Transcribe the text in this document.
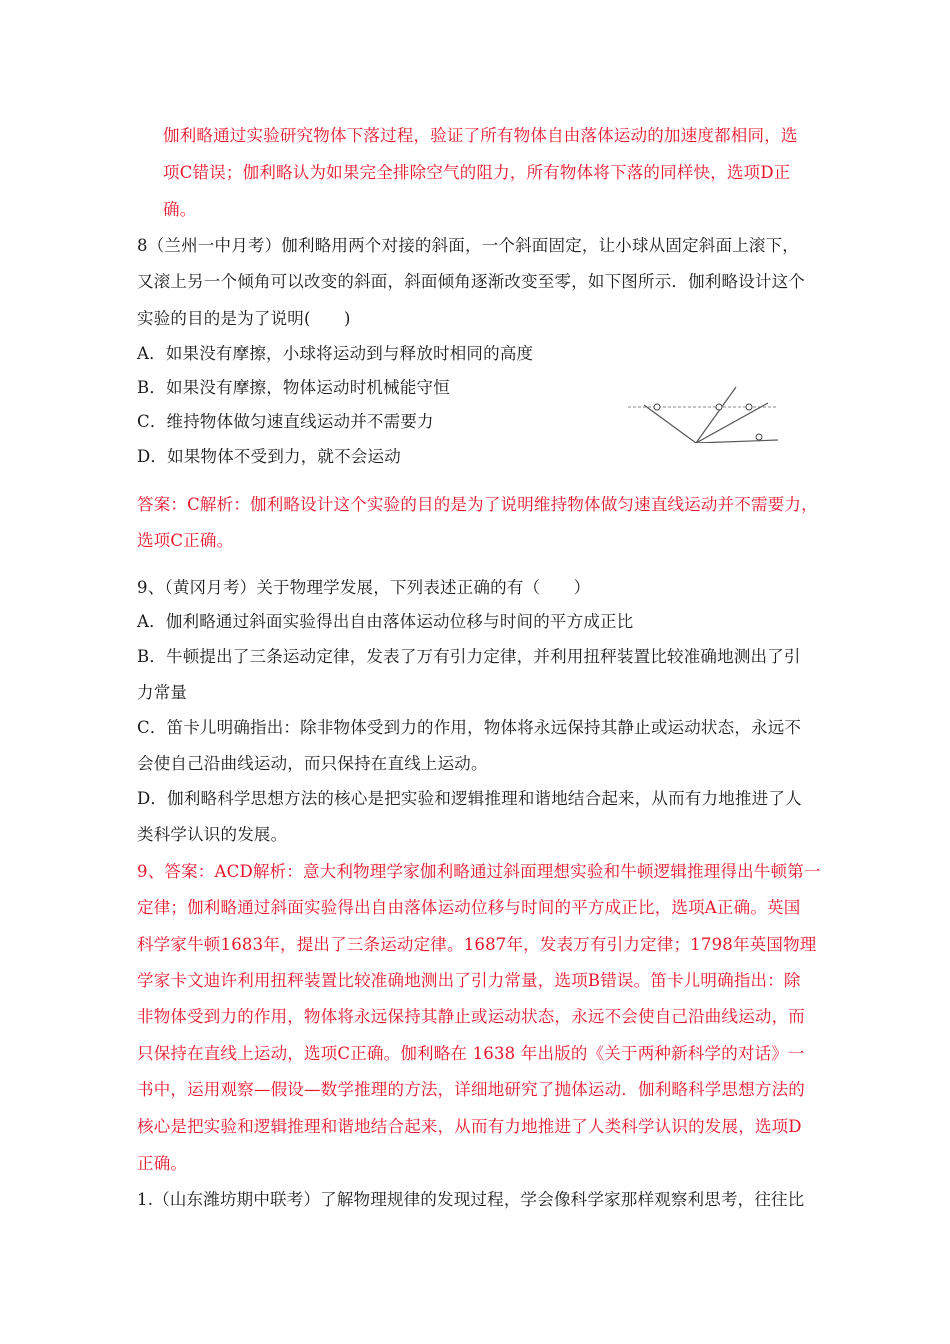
伽利略通过实验研究物体下落过程，验证了所有物体自由落体运动的加速度都相同，选
项C错误；伽利略认为如果完全排除空气的阻力，所有物体将下落的同样快，选项D正
确。
8（兰州一中月考）伽利略用两个对接的斜面，一个斜面固定，让小球从固定斜面上滚下，
又滚上另一个倾角可以改变的斜面，斜面倾角逐渐改变至零，如下图所示．伽利略设计这个
实验的目的是为了说明(　　)
A．如果没有摩擦，小球将运动到与释放时相同的高度
B．如果没有摩擦，物体运动时机械能守恒
C．维持物体做匀速直线运动并不需要力
D．如果物体不受到力，就不会运动
答案：C解析：伽利略设计这个实验的目的是为了说明维持物体做匀速直线运动并不需要力，
选项C正确。
9、（黄冈月考）关于物理学发展，下列表述正确的有（　　）
A．伽利略通过斜面实验得出自由落体运动位移与时间的平方成正比
B．牛顿提出了三条运动定律，发表了万有引力定律，并利用扭秤装置比较准确地测出了引
力常量
C．笛卡儿明确指出：除非物体受到力的作用，物体将永远保持其静止或运动状态，永远不
会使自己沿曲线运动，而只保持在直线上运动。
D．伽利略科学思想方法的核心是把实验和逻辑推理和谐地结合起来，从而有力地推进了人
类科学认识的发展。
9、答案：ACD解析：意大利物理学家伽利略通过斜面理想实验和牛顿逻辑推理得出牛顿第一
定律；伽利略通过斜面实验得出自由落体运动位移与时间的平方成正比，选项A正确。英国
科学家牛顿1683年，提出了三条运动定律。1687年，发表万有引力定律；1798年英国物理
学家卡文迪许利用扭秤装置比较准确地测出了引力常量，选项B错误。笛卡儿明确指出：除
非物体受到力的作用，物体将永远保持其静止或运动状态，永远不会使自己沿曲线运动，而
只保持在直线上运动，选项C正确。伽利略在 1638 年出版的《关于两种新科学的对话》一
书中，运用观察—假设—数学推理的方法，详细地研究了抛体运动．伽利略科学思想方法的
核心是把实验和逻辑推理和谐地结合起来，从而有力地推进了人类科学认识的发展，选项D
正确。
1.（山东潍坊期中联考）了解物理规律的发现过程，学会像科学家那样观察利思考，往往比
